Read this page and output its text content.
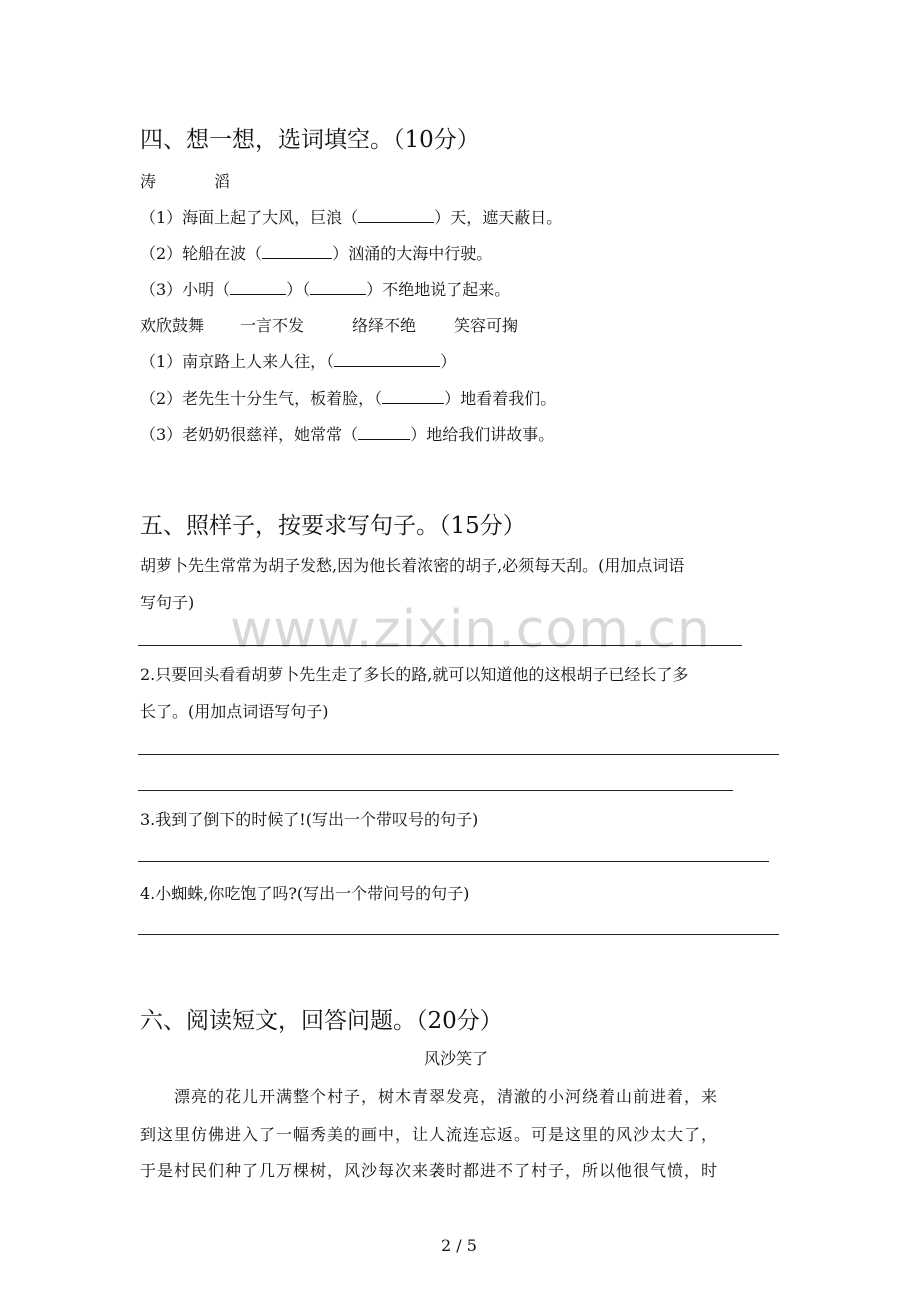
www.zixin.com.cn
四、想一想，选词填空。（10分）
涛	滔
（1）海面上起了大风，巨浪（	）天，遮天蔽日。
（2）轮船在波（	）汹涌的大海中行驶。
（3）小明（	）（	）不绝地说了起来。
欢欣鼓舞 一言不发	络绎不绝 笑容可掬
（1）南京路上人来人往，（	）
（2）老先生十分生气，板着脸，（	）地看着我们。
（3）老奶奶很慈祥，她常常（	）地给我们讲故事。
五、照样子，按要求写句子。（15分）
胡萝卜先生常常为胡子发愁,因为他长着浓密的胡子,必须每天刮。(用加点词语
写句子)
2.只要回头看看胡萝卜先生走了多长的路,就可以知道他的这根胡子已经长了多
长了。(用加点词语写句子)
3.我到了倒下的时候了!(写出一个带叹号的句子)
4.小蜘蛛,你吃饱了吗?(写出一个带问号的句子)
六、阅读短文，回答问题。（20分）
风沙笑了
　　漂亮的花儿开满整个村子，树木青翠发亮，清澈的小河绕着山前进着，来
到这里仿佛进入了一幅秀美的画中，让人流连忘返。可是这里的风沙太大了，
于是村民们种了几万棵树，风沙每次来袭时都进不了村子，所以他很气愤，时
2 / 5
